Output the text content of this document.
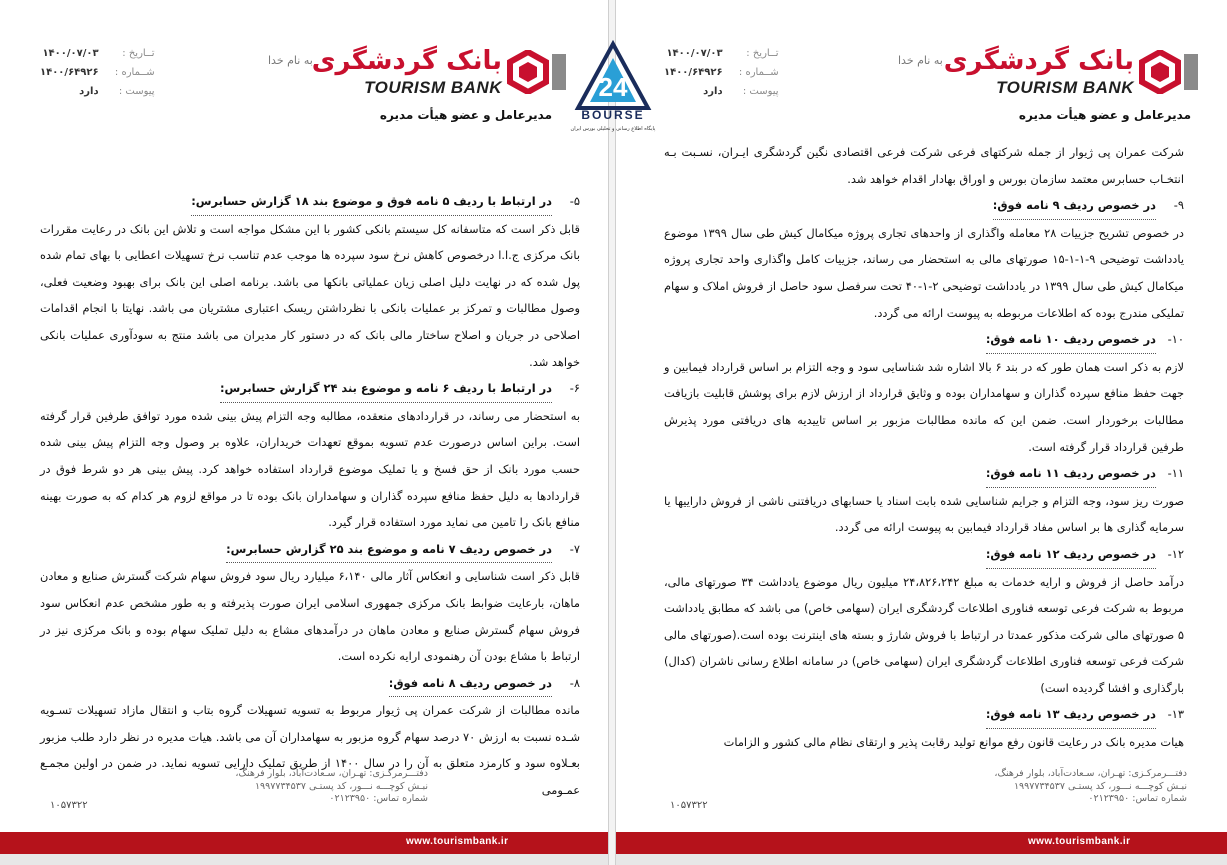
تــاریخ :
۱۴۰۰/۰۷/۰۳
شــماره :
۱۴۰۰/۶۴۹۲۶
پیوست :
دارد
به نام خدا بانک گردشگری
TOURISM BANK
مدیرعامل و عضو هیأت مدیره

شرکت عمران پی ژیوار از جمله شرکتهای فرعی شرکت فرعی اقتصادی نگین گردشگری ایـران، نسـبت بـه انتخـاب حسابرس معتمد سازمان بورس و اوراق بهادار اقدام خواهد شد.

۹-
در خصوص ردیف ۹ نامه فوق:

در خصوص تشریح جزییات ۲۸ معامله واگذاری از واحدهای تجاری پروژه میکامال کیش طی سال ۱۳۹۹ موضوع یادداشت توضیحی ۹-۱-۱-۱۵ صورتهای مالی به استحضار می رساند، جزییات کامل واگذاری واحد تجاری پروژه میکامال کیش طی سال ۱۳۹۹ در یادداشت توضیحی ۲-۱-۴۰ تحت سرفصل سود حاصل از فروش املاک و سهام تملیکی مندرج بوده که اطلاعات مربوطه به پیوست ارائه می گردد.

۱۰-
در خصوص ردیف ۱۰ نامه فوق:

لازم به ذکر است همان طور که در بند ۶ بالا اشاره شد شناسایی سود و وجه التزام بر اساس قرارداد فیمابین و جهت حفظ منافع سپرده گذاران و سهامداران بوده و وثایق قرارداد از ارزش لازم برای پوشش قابلیت بازیافت مطالبات برخوردار است. ضمن این که مانده مطالبات مزبور بر اساس تاییدیه های دریافتی مورد پذیرش طرفین قرارداد قرار گرفته است.

۱۱-
در خصوص ردیف ۱۱ نامه فوق:

صورت ریز سود، وجه التزام و جرایم شناسایی شده بابت اسناد یا حسابهای دریافتنی ناشی از فروش داراییها یا سرمایه گذاری ها بر اساس مفاد قرارداد فیمابین به پیوست ارائه می گردد.

۱۲-
در خصوص ردیف ۱۲ نامه فوق:

درآمد حاصل از فروش و ارایه خدمات به مبلغ ۲۴،۸۲۶،۲۴۲ میلیون ریال موضوع یادداشت ۳۴ صورتهای مالی، مربوط به شرکت فرعی توسعه فناوری اطلاعات گردشگری ایران (سهامی خاص) می باشد که مطابق یادداشت ۵ صورتهای مالی شرکت مذکور عمدتا در ارتباط با فروش شارژ و بسته های اینترنت بوده است.(صورتهای مالی شرکت فرعی توسعه فناوری اطلاعات گردشگری ایران (سهامی خاص) در سامانه اطلاع رسانی ناشران (کدال) بارگذاری و افشا گردیده است)

۱۳-
در خصوص ردیف ۱۳ نامه فوق:

هیات مدیره بانک در رعایت قانون رفع موانع تولید رقابت پذیر و ارتقای نظام مالی کشور و الزامات

دفتـــرمرکـزی: تهـران، سـعادت‌آباد، بلوار فرهنگ،
نبـش کوچـــه نـــور، کد پستـی ۱۹۹۷۷۳۴۵۳۷
شماره تماس: ۰۲۱۲۳۹۵۰
۱۰۵۷۳۲۲
www.tourismbank.ir
تــاریخ :
۱۴۰۰/۰۷/۰۳
شــماره :
۱۴۰۰/۶۴۹۲۶
پیوست :
دارد
به نام خدا
بانک گردشگری
TOURISM BANK
مدیرعامل و عضو هیأت مدیره
۵-
در ارتباط با ردیف ۵ نامه فوق و موضوع بند ۱۸ گزارش حسابرس:

قابل ذکر است که متاسفانه کل سیستم بانکی کشور با این مشکل مواجه است و تلاش این بانک در رعایت مقررات بانک مرکزی ج.ا.ا درخصوص کاهش نرخ سود سپرده ها موجب عدم تناسب نرخ تسهیلات اعطایی با بهای تمام شده پول شده که در نهایت دلیل اصلی زیان عملیاتی بانکها می باشد. برنامه اصلی این بانک برای بهبود وضعیت فعلی، وصول مطالبات و تمرکز بر عملیات بانکی با نظرداشتن ریسک اعتباری مشتریان می باشد. نهایتا با انجام اقدامات اصلاحی در جریان و اصلاح ساختار مالی بانک که در دستور کار مدیران می باشد منتج به سودآوری عملیات بانکی خواهد شد.

۶-
در ارتباط با ردیف ۶ نامه و موضوع بند ۲۴ گزارش حسابرس:

به استحضار می رساند، در قراردادهای منعقده، مطالبه وجه التزام پیش بینی شده مورد توافق طرفین قرار گرفته است. براین اساس درصورت عدم تسویه بموقع تعهدات خریداران، علاوه بر وصول وجه التزام پیش بینی شده حسب مورد بانک از حق فسخ و یا تملیک موضوع قرارداد استفاده خواهد کرد. پیش بینی هر دو شرط فوق در قراردادها به دلیل حفظ منافع سپرده گذاران و سهامداران بانک بوده تا در مواقع لزوم هر کدام که به صورت بهینه منافع بانک را تامین می نماید مورد استفاده قرار گیرد.

۷-
در خصوص ردیف ۷ نامه و موضوع بند ۲۵ گزارش حسابرس:

قابل ذکر است شناسایی و انعکاس آثار مالی ۶،۱۴۰ میلیارد ریال سود فروش سهام شرکت گسترش صنایع و معادن ماهان، بارعایت ضوابط بانک مرکزی جمهوری اسلامی ایران صورت پذیرفته و به طور مشخص عدم انعکاس سود فروش سهام گسترش صنایع و معادن ماهان در درآمدهای مشاع به دلیل تملیک سهام بوده و بانک مرکزی نیز در ارتباط با مشاع بودن آن رهنمودی ارایه نکرده است.

۸-
در خصوص ردیف ۸ نامه فوق:

مانده مطالبات از شرکت عمران پی ژیوار مربوط به تسویه تسهیلات گروه بتاب و انتقال مازاد تسهیلات تسـویه شـده نسبت به ارزش ۷۰ درصد سهام گروه مزبور به سهامداران آن می باشد. هیات مدیره در نظر دارد طلب مزبور بعـلاوه سود و کارمزد متعلق به آن را در سال ۱۴۰۰ از طریق تملیک دارایی تسویه نماید. در ضمن در اولین مجمـع عمـومی

دفتـــرمرکـزی: تهـران، سـعادت‌آباد، بلوار فرهنگ،
نبـش کوچـــه نـــور، کد پستـی ۱۹۹۷۷۳۴۵۳۷
شماره تماس: ۰۲۱۲۳۹۵۰
۱۰۵۷۳۲۲
www.tourismbank.ir
24
BOURSE
پایگاه اطلاع رسانی و تحلیلی بورس ایران
